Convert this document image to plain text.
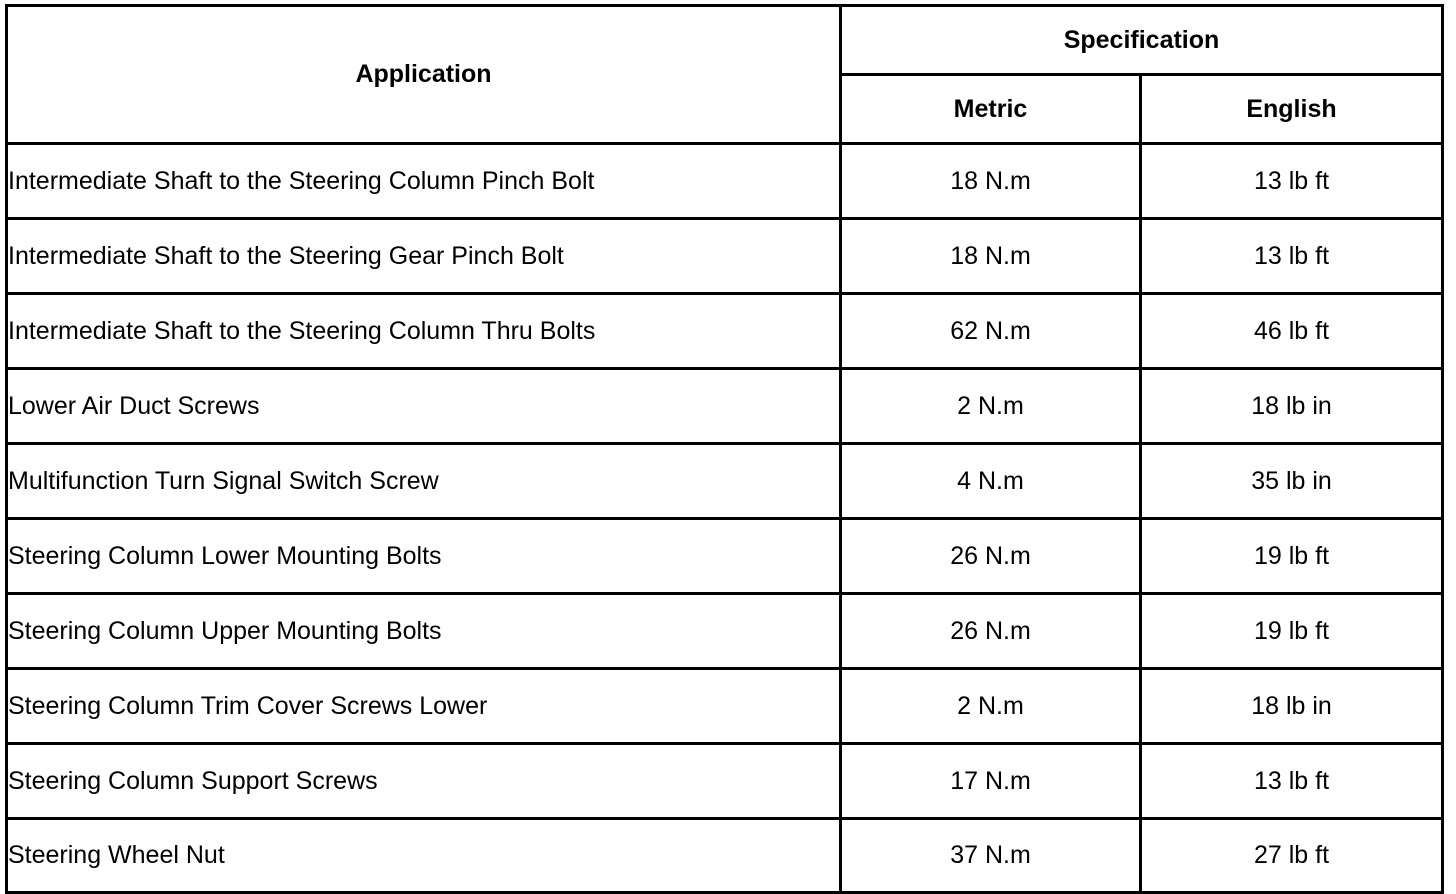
Application	Specification	
	Metric	English
Intermediate Shaft to the Steering Column Pinch Bolt	18 N.m	13 lb ft
Intermediate Shaft to the Steering Gear Pinch Bolt	18 N.m	13 lb ft
Intermediate Shaft to the Steering Column Thru Bolts	62 N.m	46 lb ft
Lower Air Duct Screws	2 N.m	18 lb in
Multifunction Turn Signal Switch Screw	4 N.m	35 lb in
Steering Column Lower Mounting Bolts	26 N.m	19 lb ft
Steering Column Upper Mounting Bolts	26 N.m	19 lb ft
Steering Column Trim Cover Screws Lower	2 N.m	18 lb in
Steering Column Support Screws	17 N.m	13 lb ft
Steering Wheel Nut	37 N.m	27 lb ft
